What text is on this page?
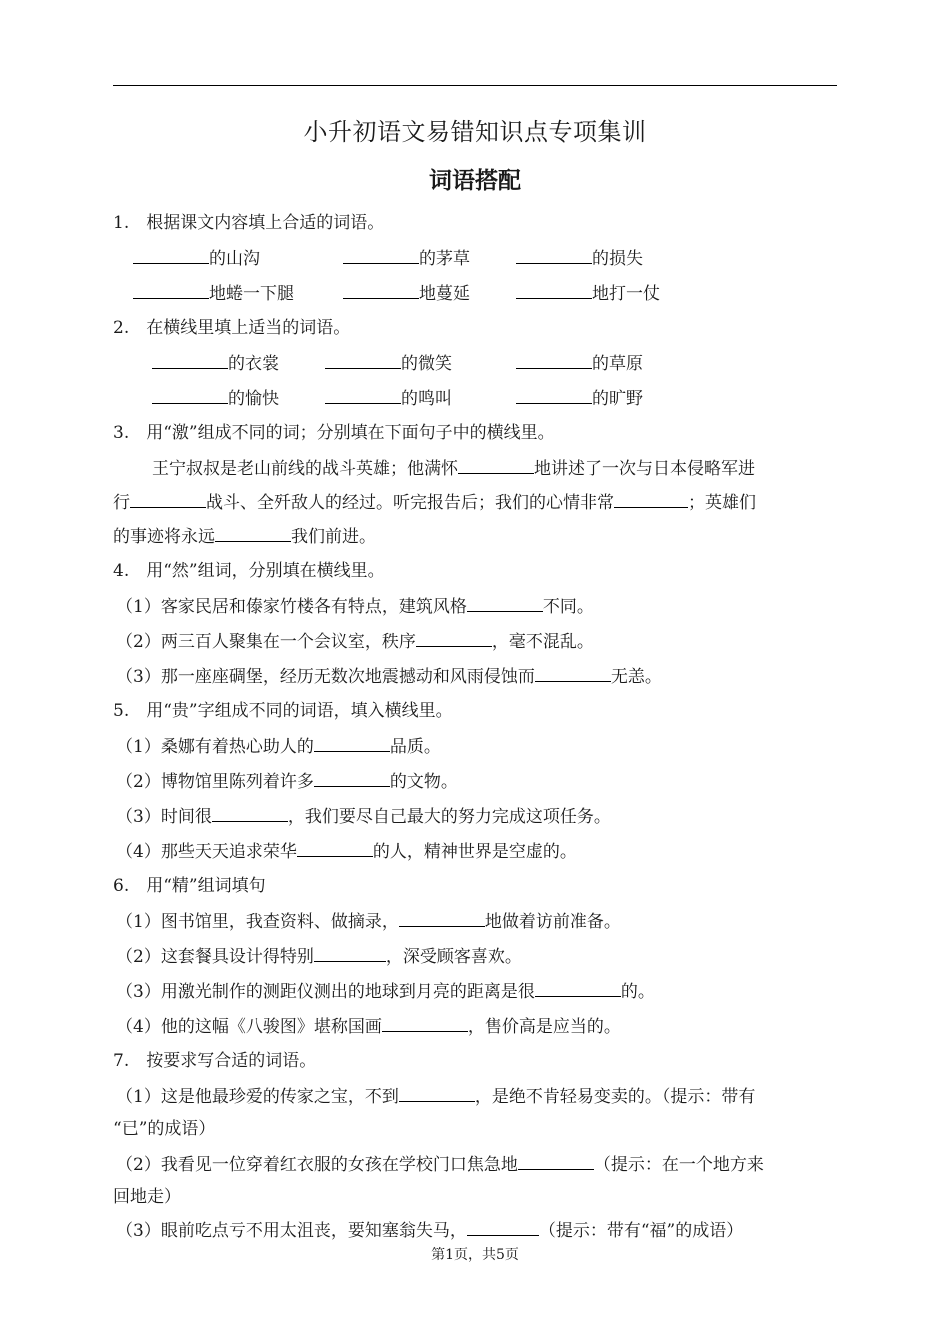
小升初语文易错知识点专项集训
词语搭配
1.　根据课文内容填上合适的词语。
的山沟	的茅草	的损失
地蜷一下腿	地蔓延	地打一仗
2.　在横线里填上适当的词语。
的衣裳	的微笑	的草原
的愉快	的鸣叫	的旷野
3.　用“激”组成不同的词；分别填在下面句子中的横线里。
王宁叔叔是老山前线的战斗英雄；他满怀	地讲述了一次与日本侵略军进
行	战斗、全歼敌人的经过。听完报告后；我们的心情非常	；英雄们
的事迹将永远	我们前进。
4.　用“然”组词，分别填在横线里。
（1）客家民居和傣家竹楼各有特点，建筑风格	不同。
（2）两三百人聚集在一个会议室，秩序	，毫不混乱。
（3）那一座座碉堡，经历无数次地震撼动和风雨侵蚀而	无恙。
5.　用“贵”字组成不同的词语，填入横线里。
（1）桑娜有着热心助人的	品质。
（2）博物馆里陈列着许多	的文物。
（3）时间很	，我们要尽自己最大的努力完成这项任务。
（4）那些天天追求荣华	的人，精神世界是空虚的。
6.　用“精”组词填句
（1）图书馆里，我查资料、做摘录，	地做着访前准备。
（2）这套餐具设计得特别	，深受顾客喜欢。
（3）用激光制作的测距仪测出的地球到月亮的距离是很	的。
（4）他的这幅《八骏图》堪称国画	，售价高是应当的。
7.　按要求写合适的词语。
（1）这是他最珍爱的传家之宝，不到	，是绝不肯轻易变卖的。（提示：带有
“已”的成语）
（2）我看见一位穿着红衣服的女孩在学校门口焦急地	（提示：在一个地方来
回地走）
（3）眼前吃点亏不用太沮丧，要知塞翁失马，	（提示：带有“福”的成语）
第1页，共5页
